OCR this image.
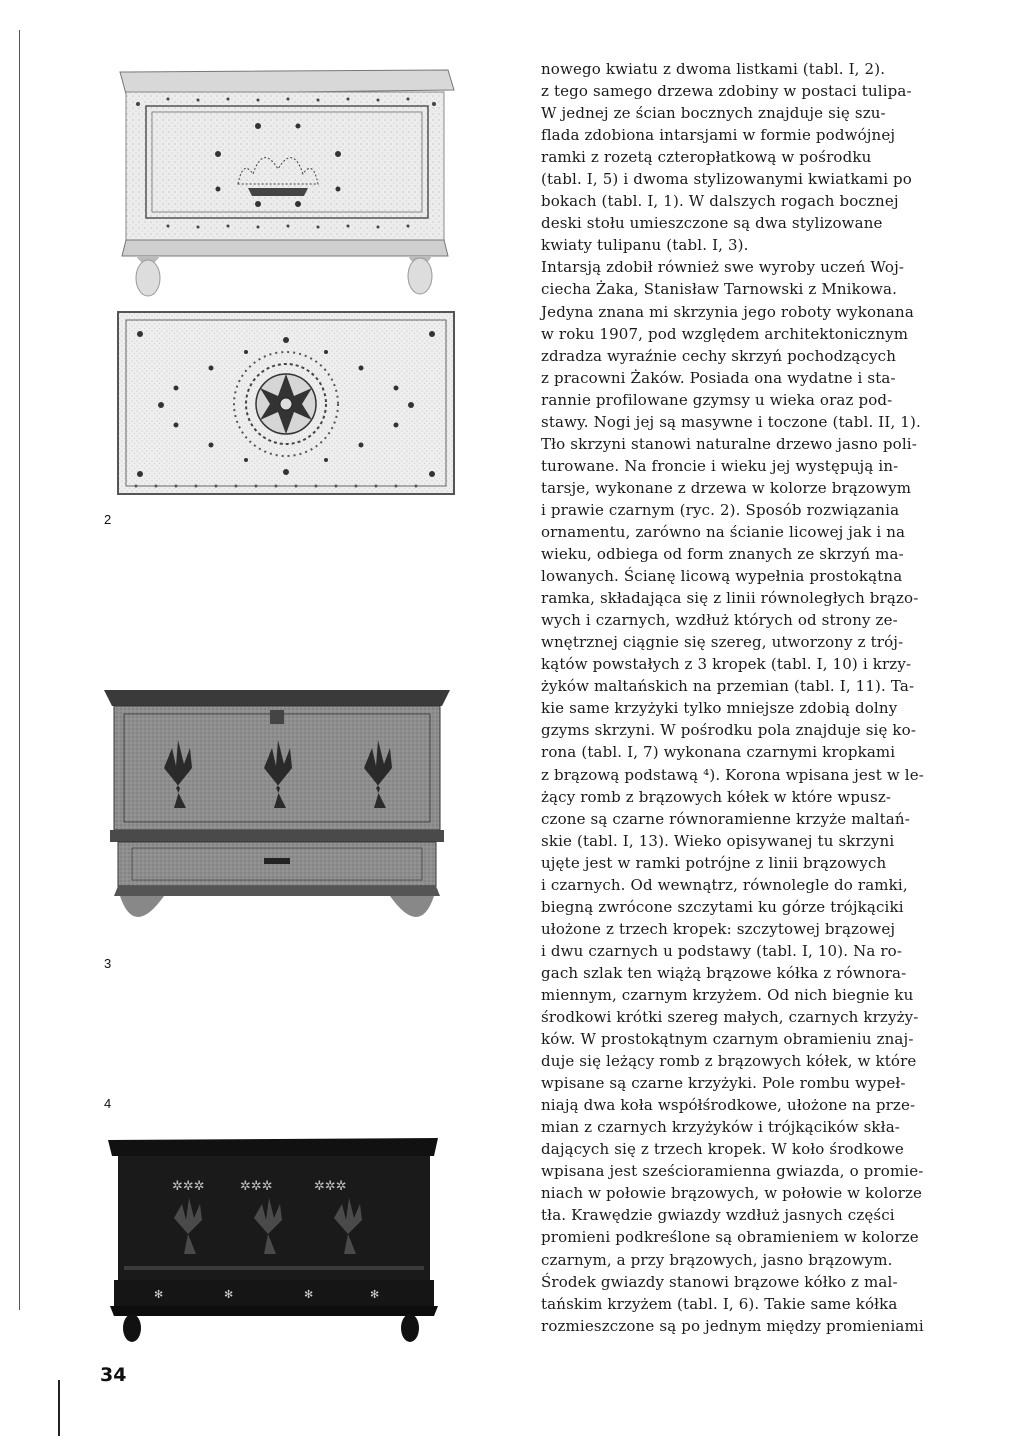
2
3
4
✲✲✲	✲✲✲	✲✲✲
✻	✻	✻	✻
nowego kwiatu z dwoma listkami (tabl. I, 2).
z tego samego drzewa zdobiny w postaci tulipa-
W jednej ze ścian bocznych znajduje się szu-
flada zdobiona intarsjami w formie podwójnej
ramki z rozetą czteropłatkową w pośrodku
(tabl. I, 5) i dwoma stylizowanymi kwiatkami po
bokach (tabl. I, 1). W dalszych rogach bocznej
deski stołu umieszczone są dwa stylizowane
kwiaty tulipanu (tabl. I, 3).
Intarsją zdobił również swe wyroby uczeń Woj-
ciecha Żaka, Stanisław Tarnowski z Mnikowa.
Jedyna znana mi skrzynia jego roboty wykonana
w roku 1907, pod względem architektonicznym
zdradza wyraźnie cechy skrzyń pochodzących
z pracowni Żaków. Posiada ona wydatne i sta-
rannie profilowane gzymsy u wieka oraz pod-
stawy. Nogi jej są masywne i toczone (tabl. II, 1).
Tło skrzyni stanowi naturalne drzewo jasno poli-
turowane. Na froncie i wieku jej występują in-
tarsje, wykonane z drzewa w kolorze brązowym
i prawie czarnym (ryc. 2). Sposób rozwiązania
ornamentu, zarówno na ścianie licowej jak i na
wieku, odbiega od form znanych ze skrzyń ma-
lowanych. Ścianę licową wypełnia prostokątna
ramka, składająca się z linii równoległych brązo-
wych i czarnych, wzdłuż których od strony ze-
wnętrznej ciągnie się szereg, utworzony z trój-
kątów powstałych z 3 kropek (tabl. I, 10) i krzy-
żyków maltańskich na przemian (tabl. I, 11). Ta-
kie same krzyżyki tylko mniejsze zdobią dolny
gzyms skrzyni. W pośrodku pola znajduje się ko-
rona (tabl. I, 7) wykonana czarnymi kropkami
z brązową podstawą ⁴). Korona wpisana jest w le-
żący romb z brązowych kółek w które wpusz-
czone są czarne równoramienne krzyże maltań-
skie (tabl. I, 13). Wieko opisywanej tu skrzyni
ujęte jest w ramki potrójne z linii brązowych
i czarnych. Od wewnątrz, równolegle do ramki,
biegną zwrócone szczytami ku górze trójkąciki
ułożone z trzech kropek: szczytowej brązowej
i dwu czarnych u podstawy (tabl. I, 10). Na ro-
gach szlak ten wiążą brązowe kółka z równora-
miennym, czarnym krzyżem. Od nich biegnie ku
środkowi krótki szereg małych, czarnych krzyży-
ków. W prostokątnym czarnym obramieniu znaj-
duje się leżący romb z brązowych kółek, w które
wpisane są czarne krzyżyki. Pole rombu wypeł-
niają dwa koła współśrodkowe, ułożone na prze-
mian z czarnych krzyżyków i trójkącików skła-
dających się z trzech kropek. W koło środkowe
wpisana jest sześcioramienna gwiazda, o promie-
niach w połowie brązowych, w połowie w kolorze
tła. Krawędzie gwiazdy wzdłuż jasnych części
promieni podkreślone są obramieniem w kolorze
czarnym, a przy brązowych, jasno brązowym.
Środek gwiazdy stanowi brązowe kółko z mal-
tańskim krzyżem (tabl. I, 6). Takie same kółka
rozmieszczone są po jednym między promieniami
34
